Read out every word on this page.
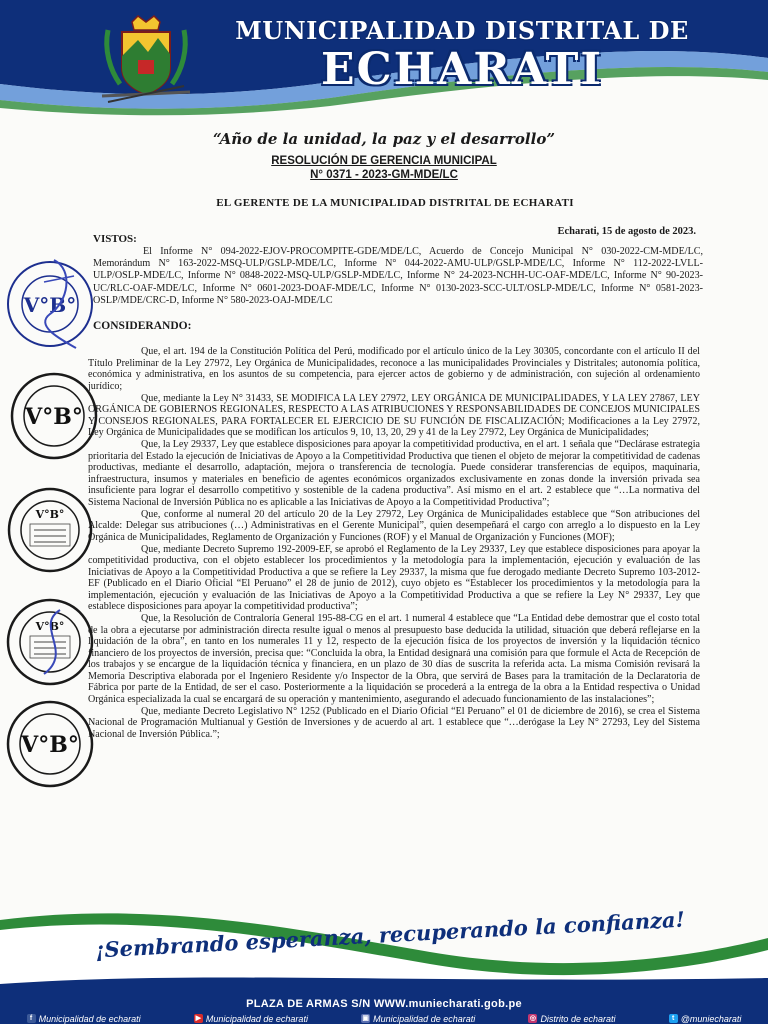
MUNICIPALIDAD DISTRITAL DE
ECHARATI
“Año de la unidad, la paz y el desarrollo”
RESOLUCIÓN DE GERENCIA MUNICIPAL
N° 0371 - 2023-GM-MDE/LC
EL GERENTE DE LA MUNICIPALIDAD DISTRITAL DE ECHARATI
Echarati, 15 de agosto de 2023.
VISTOS:

El Informe N° 094-2022-EJOV-PROCOMPITE-GDE/MDE/LC, Acuerdo de Concejo Municipal N° 030-2022-CM-MDE/LC, Memorándum N° 163-2022-MSQ-ULP/GSLP-MDE/LC, Informe N° 044-2022-AMU-ULP/GSLP-MDE/LC, Informe N° 112-2022-LVLL-ULP/OSLP-MDE/LC, Informe N° 0848-2022-MSQ-ULP/GSLP-MDE/LC, Informe N° 24-2023-NCHH-UC-OAF-MDE/LC, Informe N° 90-2023-UC/RLC-OAF-MDE/LC, Informe N° 0601-2023-DOAF-MDE/LC, Informe N° 0130-2023-SCC-ULT/OSLP-MDE/LC, Informe N° 0581-2023-OSLP/MDE/CRC-D, Informe N° 580-2023-OAJ-MDE/LC

CONSIDERANDO:

Que, el art. 194 de la Constitución Política del Perú, modificado por el artículo único de la Ley 30305, concordante con el artículo II del Título Preliminar de la Ley 27972, Ley Orgánica de Municipalidades, reconoce a las municipalidades Provinciales y Distritales; autonomía política, económica y administrativa, en los asuntos de su competencia, para ejercer actos de gobierno y de administración, con sujeción al ordenamiento jurídico;

Que, mediante la Ley N° 31433, SE MODIFICA LA LEY 27972, LEY ORGÁNICA DE MUNICIPALIDADES, Y LA LEY 27867, LEY ORGÁNICA DE GOBIERNOS REGIONALES, RESPECTO A LAS ATRIBUCIONES Y RESPONSABILIDADES DE CONCEJOS MUNICIPALES Y CONSEJOS REGIONALES, PARA FORTALECER EL EJERCICIO DE SU FUNCIÓN DE FISCALIZACIÓN; Modificaciones a la Ley 27972, Ley Orgánica de Municipalidades que se modifican los artículos 9, 10, 13, 20, 29 y 41 de la Ley 27972, Ley Orgánica de Municipalidades;

Que, la Ley 29337, Ley que establece disposiciones para apoyar la competitividad productiva, en el art. 1 señala que “Declárase estrategia prioritaria del Estado la ejecución de Iniciativas de Apoyo a la Competitividad Productiva que tienen el objeto de mejorar la competitividad de cadenas productivas, mediante el desarrollo, adaptación, mejora o transferencia de tecnología. Puede considerar transferencias de equipos, maquinaria, infraestructura, insumos y materiales en beneficio de agentes económicos organizados exclusivamente en zonas donde la inversión privada sea insuficiente para lograr el desarrollo competitivo y sostenible de la cadena productiva”. Así mismo en el art. 2 establece que “…La normativa del Sistema Nacional de Inversión Pública no es aplicable a las Iniciativas de Apoyo a la Competitividad Productiva”;

Que, conforme al numeral 20 del artículo 20 de la Ley 27972, Ley Orgánica de Municipalidades establece que “Son atribuciones del Alcalde: Delegar sus atribuciones (…) Administrativas en el Gerente Municipal”, quien desempeñará el cargo con arreglo a lo dispuesto en la Ley Orgánica de Municipalidades, Reglamento de Organización y Funciones (ROF) y el Manual de Organización y Funciones (MOF);

Que, mediante Decreto Supremo 192-2009-EF, se aprobó el Reglamento de la Ley 29337, Ley que establece disposiciones para apoyar la competitividad productiva, con el objeto establecer los procedimientos y la metodología para la implementación, ejecución y evaluación de las Iniciativas de Apoyo a la Competitividad Productiva a que se refiere la Ley 29337, la misma que fue derogado mediante Decreto Supremo 103-2012-EF (Publicado en el Diario Oficial “El Peruano” el 28 de junio de 2012), cuyo objeto es “Establecer los procedimientos y la metodología para la implementación, ejecución y evaluación de las Iniciativas de Apoyo a la Competitividad Productiva a que se refiere la Ley N° 29337, Ley que establece disposiciones para apoyar la competitividad productiva”;

Que, la Resolución de Contraloría General 195-88-CG en el art. 1 numeral 4 establece que “La Entidad debe demostrar que el costo total de la obra a ejecutarse por administración directa resulte igual o menos al presupuesto base deducida la utilidad, situación que deberá reflejarse en la liquidación de la obra”, en tanto en los numerales 11 y 12, respecto de la ejecución física de los proyectos de inversión y la liquidación técnico financiero de los proyectos de inversión, precisa que: “Concluida la obra, la Entidad designará una comisión para que formule el Acta de Recepción de los trabajos y se encargue de la liquidación técnica y financiera, en un plazo de 30 días de suscrita la referida acta. La misma Comisión revisará la Memoria Descriptiva elaborada por el Ingeniero Residente y/o Inspector de la Obra, que servirá de Bases para la tramitación de la Declaratoria de Fábrica por parte de la Entidad, de ser el caso. Posteriormente a la liquidación se procederá a la entrega de la obra a la Entidad respectiva o Unidad Orgánica especializada la cual se encargará de su operación y mantenimiento, asegurando el adecuado funcionamiento de las instalaciones”;

Que, mediante Decreto Legislativo N° 1252 (Publicado en el Diario Oficial “El Peruano” el 01 de diciembre de 2016), se crea el Sistema Nacional de Programación Multianual y Gestión de Inversiones y de acuerdo al art. 1 establece que “…derógase la Ley N° 27293, Ley del Sistema Nacional de Inversión Pública.”;

V°B°
V°B°
V°B°
V°B°
V°B°
¡Sembrando esperanza, recuperando la confianza!
PLAZA DE ARMAS S/N WWW.muniecharati.gob.pe
f Municipalidad de echarati	▶ Municipalidad de echarati	▣ Municipalidad de echarati	◎ Distrito de echarati	t @muniecharati
